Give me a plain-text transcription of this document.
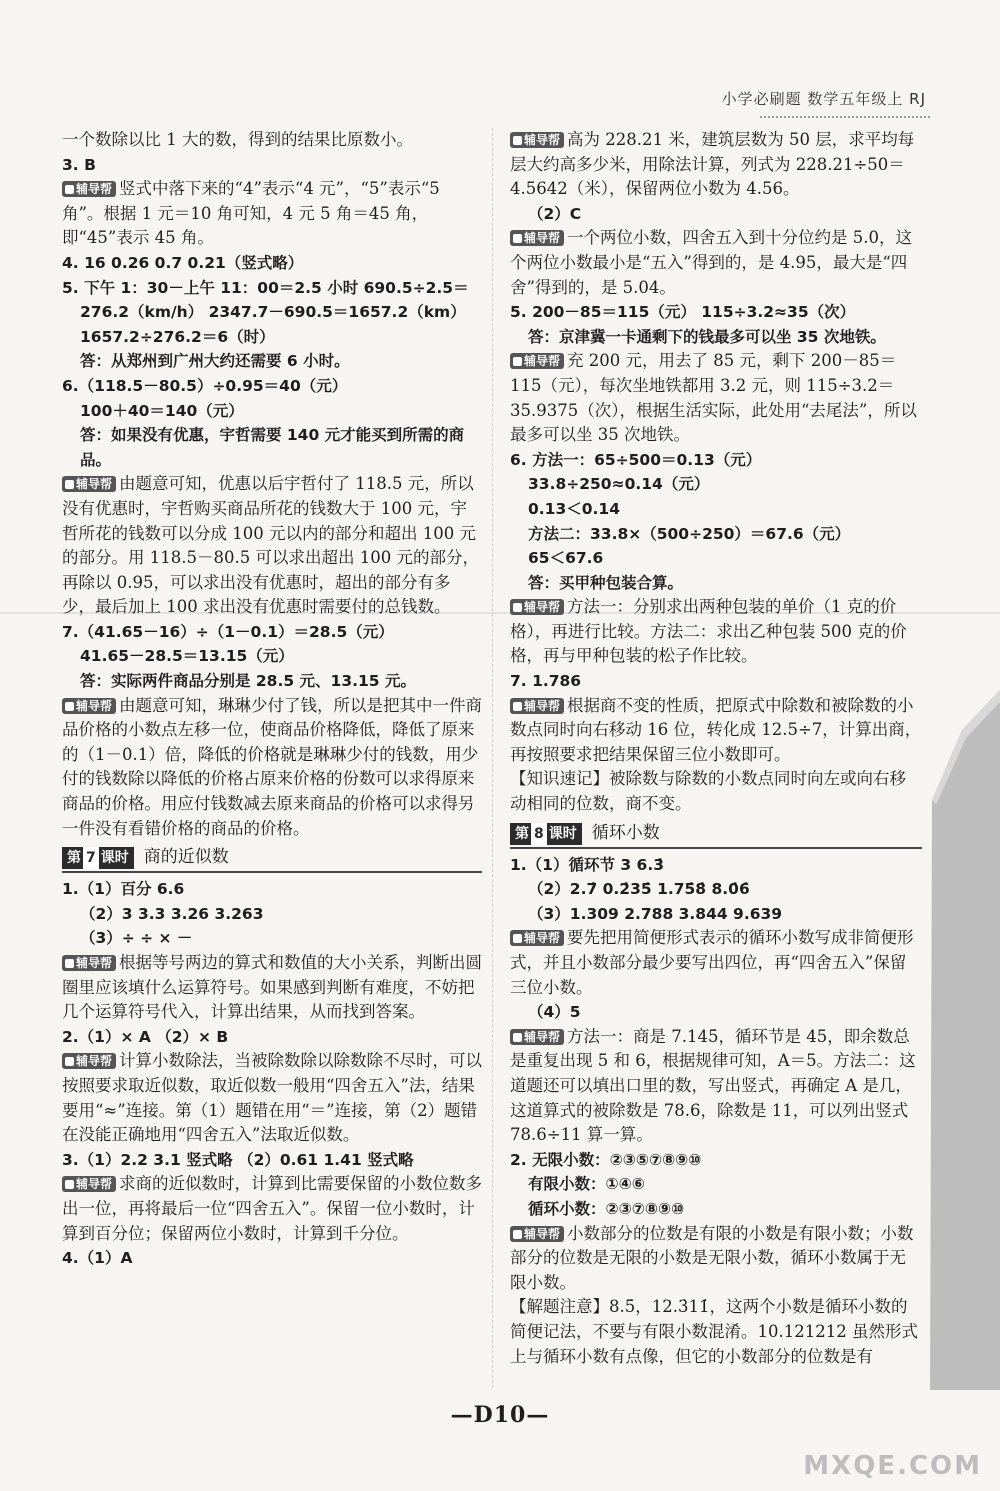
小学必刷题 数学五年级上 RJ
一个数除以比 1 大的数，得到的结果比原数小。
3. B
辅导帮 竖式中落下来的“4”表示“4 元”，“5”表示“5 角”。根据 1 元＝10 角可知，4 元 5 角＝45 角，即“45”表示 45 角。
4. 16 0.26 0.7 0.21（竖式略）
5. 下午 1：30－上午 11：00＝2.5 小时 690.5÷2.5＝
276.2（km/h） 2347.7－690.5＝1657.2（km）
1657.2÷276.2＝6（时）
答：从郑州到广州大约还需要 6 小时。
6.（118.5－80.5）÷0.95＝40（元）
100＋40＝140（元）
答：如果没有优惠，宇哲需要 140 元才能买到所需的商品。
辅导帮 由题意可知，优惠以后宇哲付了 118.5 元，所以没有优惠时，宇哲购买商品所花的钱数大于 100 元，宇哲所花的钱数可以分成 100 元以内的部分和超出 100 元的部分。用 118.5－80.5 可以求出超出 100 元的部分，再除以 0.95，可以求出没有优惠时，超出的部分有多少，最后加上 100 求出没有优惠时需要付的总钱数。
7.（41.65－16）÷（1－0.1）＝28.5（元）
41.65－28.5＝13.15（元）
答：实际两件商品分别是 28.5 元、13.15 元。
辅导帮 由题意可知，琳琳少付了钱，所以是把其中一件商品价格的小数点左移一位，使商品价格降低，降低了原来的（1－0.1）倍，降低的价格就是琳琳少付的钱数，用少付的钱数除以降低的价格占原来价格的份数可以求得原来商品的价格。用应付钱数减去原来商品的价格可以求得另一件没有看错价格的商品的价格。
第 7 课时 商的近似数
1.（1）百分 6.6
（2）3 3.3 3.26 3.263
（3）÷ ÷ × －
辅导帮 根据等号两边的算式和数值的大小关系，判断出圆圈里应该填什么运算符号。如果感到判断有难度，不妨把几个运算符号代入，计算出结果，从而找到答案。
2.（1）× A （2）× B
辅导帮 计算小数除法，当被除数除以除数除不尽时，可以按照要求取近似数，取近似数一般用“四舍五入”法，结果要用“≈”连接。第（1）题错在用“＝”连接，第（2）题错在没能正确地用“四舍五入”法取近似数。
3.（1）2.2 3.1 竖式略 （2）0.61 1.41 竖式略
辅导帮 求商的近似数时，计算到比需要保留的小数位数多出一位，再将最后一位“四舍五入”。保留一位小数时，计算到百分位；保留两位小数时，计算到千分位。
4.（1）A
辅导帮 高为 228.21 米，建筑层数为 50 层，求平均每层大约高多少米，用除法计算，列式为 228.21÷50＝4.5642（米），保留两位小数为 4.56。
（2）C
辅导帮 一个两位小数，四舍五入到十分位约是 5.0，这个两位小数最小是“五入”得到的，是 4.95，最大是“四舍”得到的，是 5.04。
5. 200－85＝115（元） 115÷3.2≈35（次）
答：京津冀一卡通剩下的钱最多可以坐 35 次地铁。
辅导帮 充 200 元，用去了 85 元，剩下 200－85＝115（元），每次坐地铁都用 3.2 元，则 115÷3.2＝35.9375（次），根据生活实际，此处用“去尾法”，所以最多可以坐 35 次地铁。
6. 方法一：65÷500＝0.13（元）
33.8÷250≈0.14（元）
0.13＜0.14
方法二：33.8×（500÷250）＝67.6（元）
65＜67.6
答：买甲种包装合算。
辅导帮 方法一：分别求出两种包装的单价（1 克的价格），再进行比较。方法二：求出乙种包装 500 克的价格，再与甲种包装的松子作比较。
7. 1.786
辅导帮 根据商不变的性质，把原式中除数和被除数的小数点同时向右移动 16 位，转化成 12.5÷7，计算出商，再按照要求把结果保留三位小数即可。
【知识速记】被除数与除数的小数点同时向左或向右移动相同的位数，商不变。
第 8 课时 循环小数
1.（1）循环节 3 6.3̇
（2）2.7̇ 0.2̇35̇ 1.75̇8̇ 8.0̇6̇
（3）1.309 2.788 3.844 9.639
辅导帮 要先把用简便形式表示的循环小数写成非简便形式，并且小数部分最少要写出四位，再“四舍五入”保留三位小数。
（4）5
辅导帮 方法一：商是 7.145̇，循环节是 45，即余数总是重复出现 5 和 6，根据规律可知，A＝5。方法二：这道题还可以填出口里的数，写出竖式，再确定 A 是几，这道算式的被除数是 78.6，除数是 11，可以列出竖式 78.6÷11 算一算。
2. 无限小数：②③⑤⑦⑧⑨⑩
有限小数：①④⑥
循环小数：②③⑦⑧⑨⑩
辅导帮 小数部分的位数是有限的小数是有限小数；小数部分的位数是无限的小数是无限小数，循环小数属于无限小数。
【解题注意】8.5̇，12.3̇11̇，这两个小数是循环小数的简便记法，不要与有限小数混淆。10.121212 虽然形式上与循环小数有点像，但它的小数部分的位数是有
—D10—
MXQE.COM
